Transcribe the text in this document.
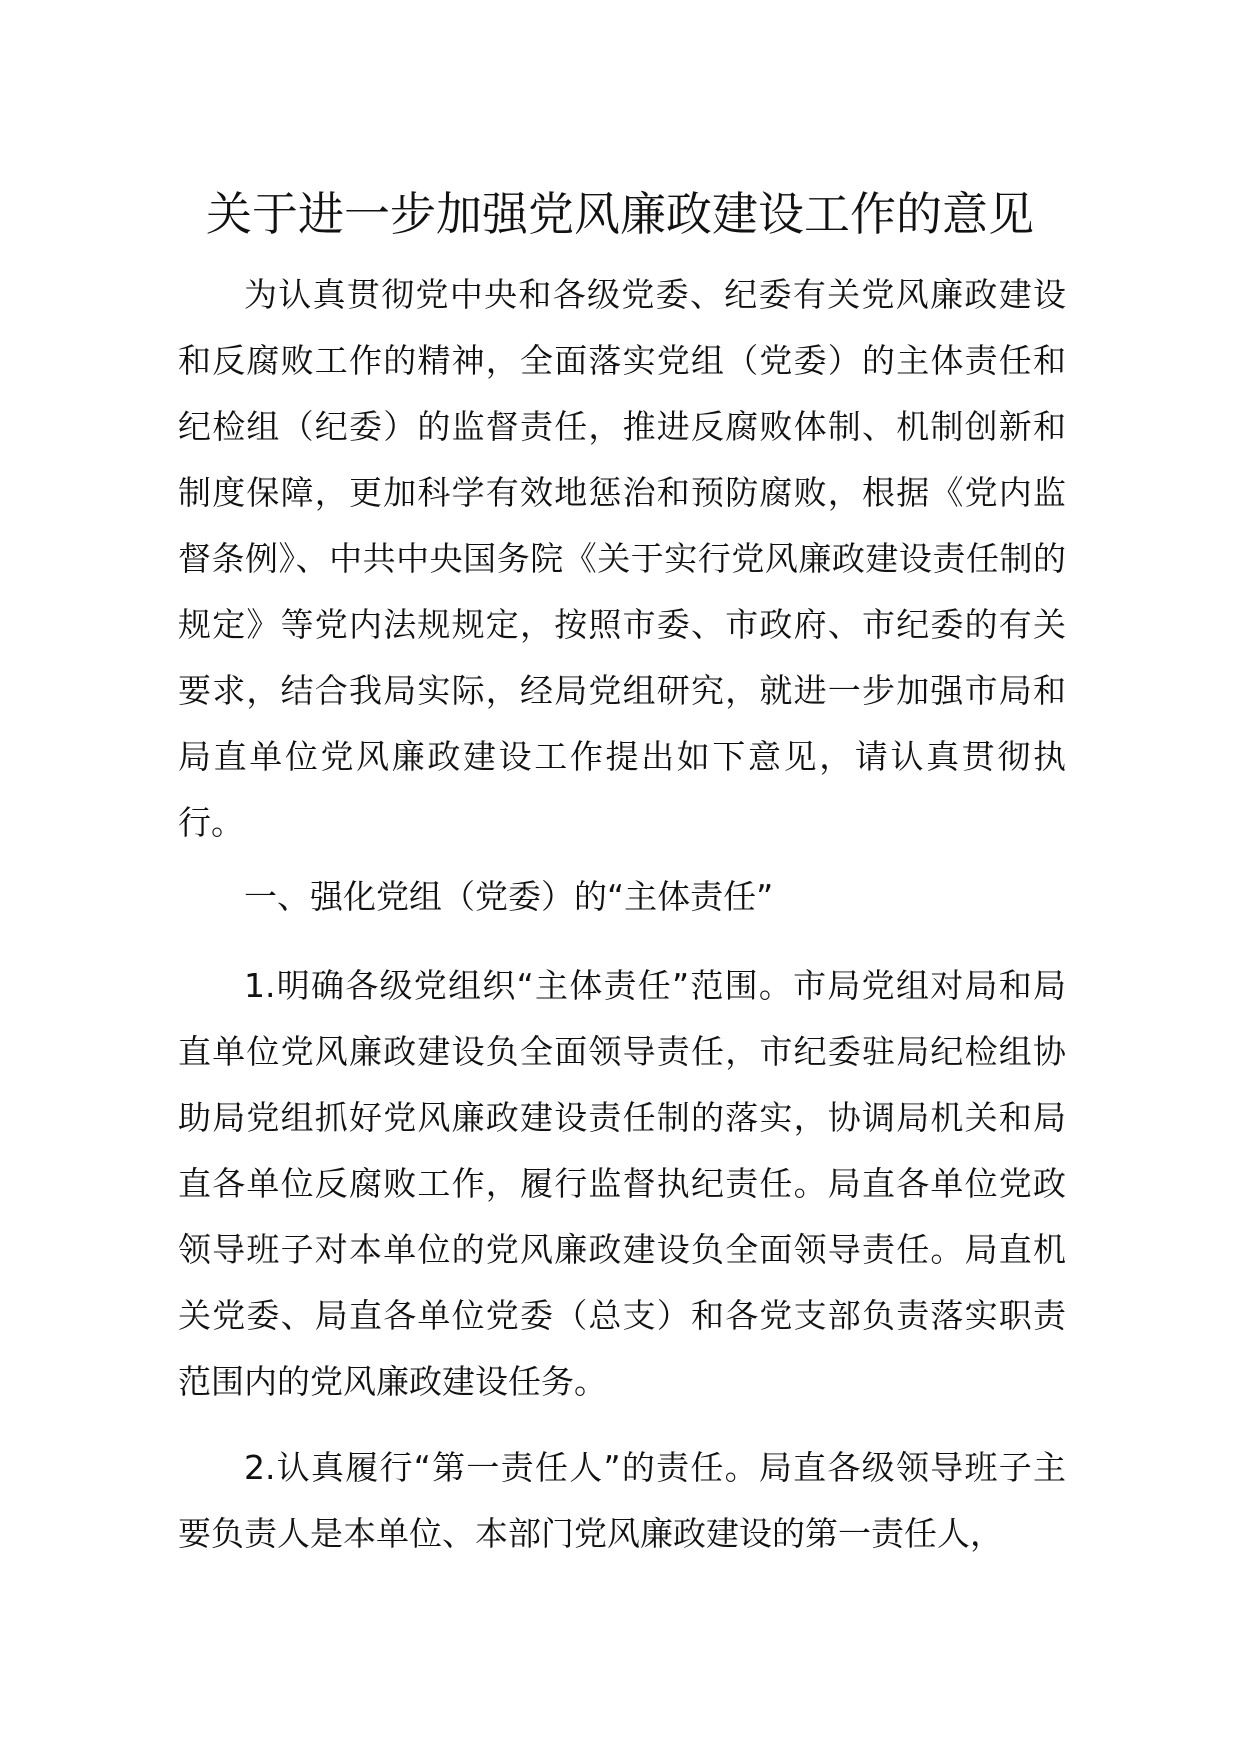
关于进一步加强党风廉政建设工作的意见

为认真贯彻党中央和各级党委、纪委有关党风廉政建设和反腐败工作的精神，全面落实党组（党委）的主体责任和纪检组（纪委）的监督责任，推进反腐败体制、机制创新和制度保障，更加科学有效地惩治和预防腐败，根据《党内监督条例》、中共中央国务院《关于实行党风廉政建设责任制的规定》等党内法规规定，按照市委、市政府、市纪委的有关要求，结合我局实际，经局党组研究，就进一步加强市局和局直单位党风廉政建设工作提出如下意见，请认真贯彻执行。

一、强化党组（党委）的“主体责任”

1.明确各级党组织“主体责任”范围。市局党组对局和局直单位党风廉政建设负全面领导责任，市纪委驻局纪检组协助局党组抓好党风廉政建设责任制的落实，协调局机关和局直各单位反腐败工作，履行监督执纪责任。局直各单位党政领导班子对本单位的党风廉政建设负全面领导责任。局直机关党委、局直各单位党委（总支）和各党支部负责落实职责范围内的党风廉政建设任务。

2.认真履行“第一责任人”的责任。局直各级领导班子主要负责人是本单位、本部门党风廉政建设的第一责任人，
